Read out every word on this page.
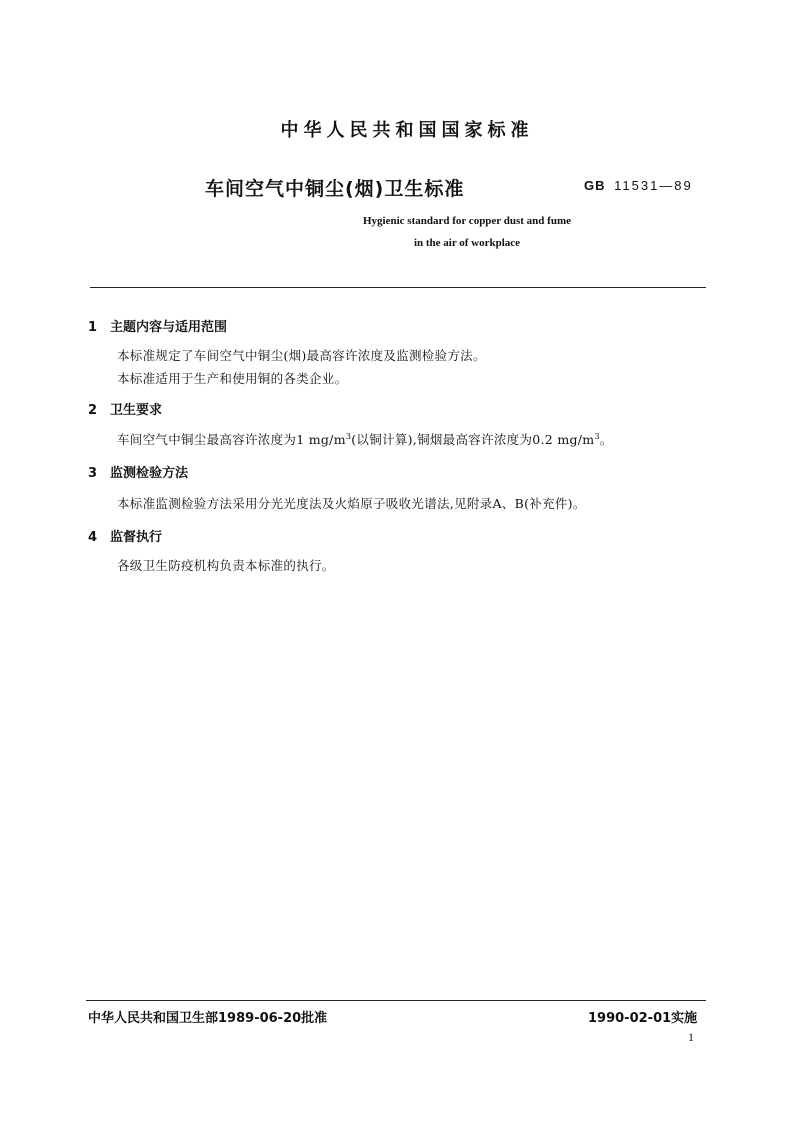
中华人民共和国国家标准
车间空气中铜尘(烟)卫生标准	GB 11531—89
Hygienic standard for copper dust and fume
in the air of workplace
1 主题内容与适用范围
本标准规定了车间空气中铜尘(烟)最高容许浓度及监测检验方法。
本标准适用于生产和使用铜的各类企业。
2 卫生要求
车间空气中铜尘最高容许浓度为1 $mg/m^3$(以铜计算),铜烟最高容许浓度为0.2 $mg/m^3$。
3 监测检验方法
本标准监测检验方法采用分光光度法及火焰原子吸收光谱法,见附录A、B(补充件)。
4 监督执行
各级卫生防疫机构负责本标准的执行。
中华人民共和国卫生部1989-06-20批准	1990-02-01实施
1
